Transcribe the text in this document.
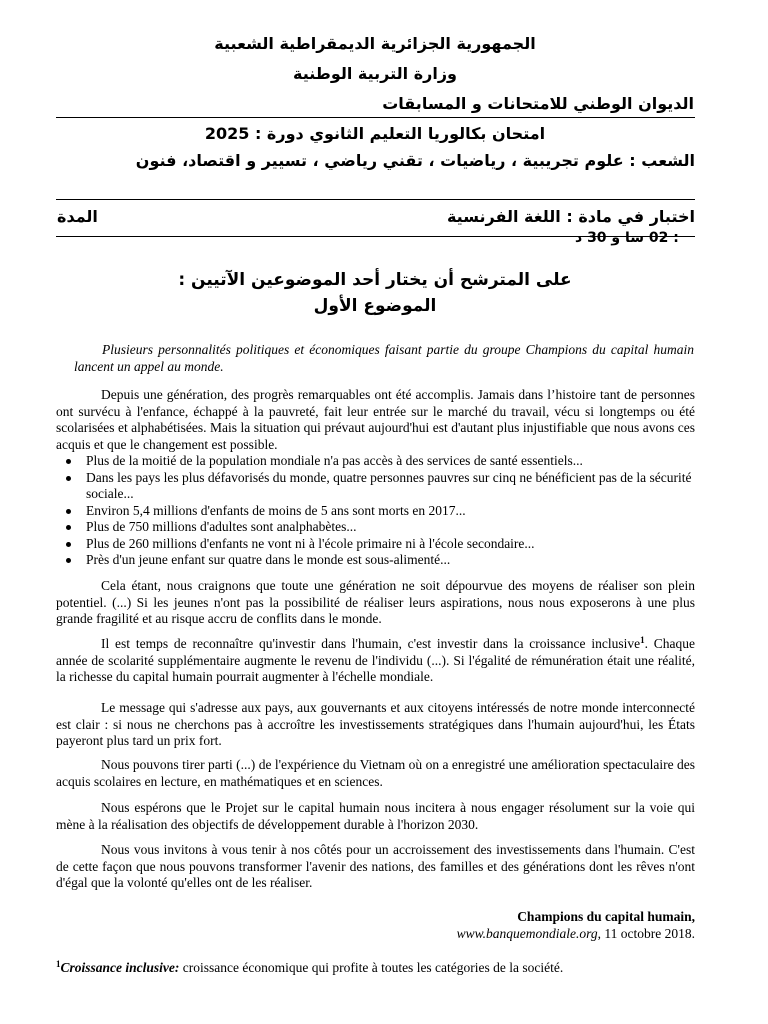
الجمهورية الجزائرية الديمقراطية الشعبية
وزارة التربية الوطنية
الديوان الوطني للامتحانات و المسابقات
امتحان بكالوريا التعليم الثانوي دورة : 2025
الشعب : علوم تجريبية ، رياضيات ، تقني رياضي ، تسيير و اقتصاد، فنون
اختبار في مادة : اللغة الفرنسية
المدة
: 02 سا و 30 د
على المترشح أن يختار أحد الموضوعين الآتيين :
الموضوع الأول
Plusieurs personnalités politiques et économiques faisant partie du groupe Champions du capital humain lancent un appel au monde.

Depuis une génération, des progrès remarquables ont été accomplis. Jamais dans l’histoire tant de personnes ont survécu à l'enfance, échappé à la pauvreté, fait leur entrée sur le marché du travail, vécu si longtemps ou été scolarisées et alphabétisées. Mais la situation qui prévaut aujourd'hui est d'autant plus injustifiable que nous avons ces acquis et que le changement est possible.

Plus de la moitié de la population mondiale n'a pas accès à des services de santé essentiels...
Dans les pays les plus défavorisés du monde, quatre personnes pauvres sur cinq ne bénéficient pas de la sécurité sociale...
Environ 5,4 millions d'enfants de moins de 5 ans sont morts en 2017...
Plus de 750 millions d'adultes sont analphabètes...
Plus de 260 millions d'enfants ne vont ni à l'école primaire ni à l'école secondaire...
Près d'un jeune enfant sur quatre dans le monde est sous-alimenté...

Cela étant, nous craignons que toute une génération ne soit dépourvue des moyens de réaliser son plein potentiel. (...) Si les jeunes n'ont pas la possibilité de réaliser leurs aspirations, nous nous exposerons à une plus grande fragilité et au risque accru de conflits dans le monde.

Il est temps de reconnaître qu'investir dans l'humain, c'est investir dans la croissance inclusive$^1$. Chaque année de scolarité supplémentaire augmente le revenu de l'individu (...). Si l'égalité de rémunération était une réalité, la richesse du capital humain pourrait augmenter à l'échelle mondiale.

Le message qui s'adresse aux pays, aux gouvernants et aux citoyens intéressés de notre monde interconnecté est clair : si nous ne cherchons pas à accroître les investissements stratégiques dans l'humain aujourd'hui, les États payeront plus tard un prix fort.

Nous pouvons tirer parti (...) de l'expérience du Vietnam où on a enregistré une amélioration spectaculaire des acquis scolaires en lecture, en mathématiques et en sciences.

Nous espérons que le Projet sur le capital humain nous incitera à nous engager résolument sur la voie qui mène à la réalisation des objectifs de développement durable à l'horizon 2030.

Nous vous invitons à vous tenir à nos côtés pour un accroissement des investissements dans l'humain. C'est de cette façon que nous pouvons transformer l'avenir des nations, des familles et des générations dont les rêves n'ont d'égal que la volonté qu'elles ont de les réaliser.

Champions du capital humain,
www.banquemondiale.org, 11 octobre 2018.
$^1$Croissance inclusive: croissance économique qui profite à toutes les catégories de la société.
